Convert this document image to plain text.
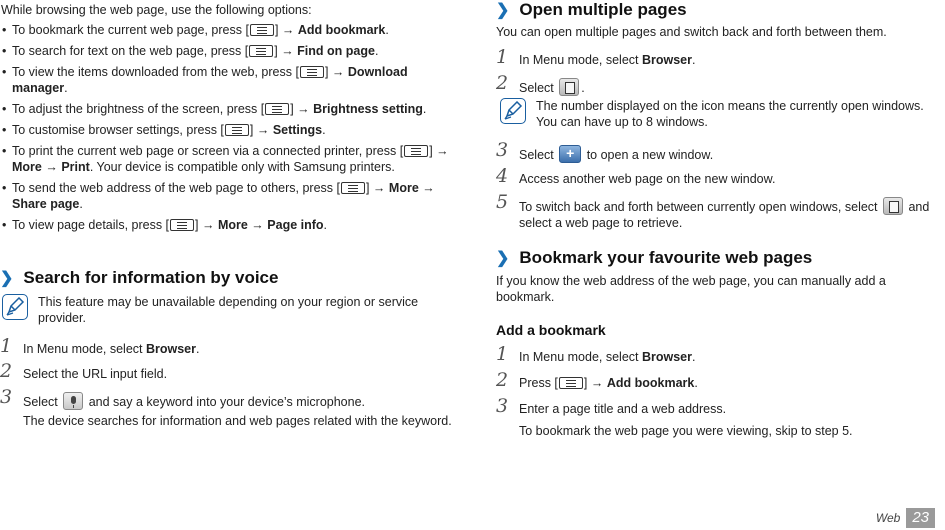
While browsing the web page, use the following options:
• To bookmark the current web page, press [ ] → Add bookmark.
• To search for text on the web page, press [ ] → Find on page.
• To view the items downloaded from the web, press [ ] → Download manager.
• To adjust the brightness of the screen, press [ ] → Brightness setting.
• To customise browser settings, press [ ] → Settings.
• To print the current web page or screen via a connected printer, press [ ] → More → Print. Your device is compatible only with Samsung printers.
• To send the web address of the web page to others, press [ ] → More → Share page.
• To view page details, press [ ] → More → Page info.
❯ Search for information by voice
This feature may be unavailable depending on your region or service provider.
1 In Menu mode, select Browser.
2 Select the URL input field.
3 Select  and say a keyword into your device’s microphone.
The device searches for information and web pages related with the keyword.
❯ Open multiple pages
You can open multiple pages and switch back and forth between them.
1 In Menu mode, select Browser.
2 Select .
The number displayed on the icon means the currently open windows. You can have up to 8 windows.
3 Select + to open a new window.
4 Access another web page on the new window.
5 To switch back and forth between currently open windows, select  and select a web page to retrieve.
❯ Bookmark your favourite web pages
If you know the web address of the web page, you can manually add a bookmark.
Add a bookmark
1 In Menu mode, select Browser.
2 Press [ ] → Add bookmark.
3 Enter a page title and a web address.
To bookmark the web page you were viewing, skip to step 5.
Web 23
